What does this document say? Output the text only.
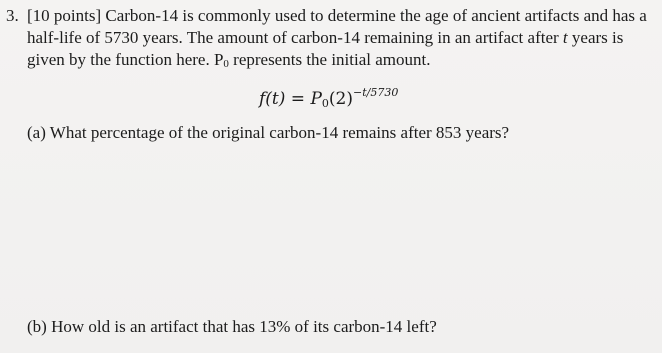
3. [10 points] Carbon-14 is commonly used to determine the age of ancient artifacts and has a half-life of 5730 years. The amount of carbon-14 remaining in an artifact after t years is given by the function here. $P_0$ represents the initial amount.
$f(t) = P_0(2)^{-t/5730}$
(a) What percentage of the original carbon-14 remains after 853 years?
(b) How old is an artifact that has 13% of its carbon-14 left?
